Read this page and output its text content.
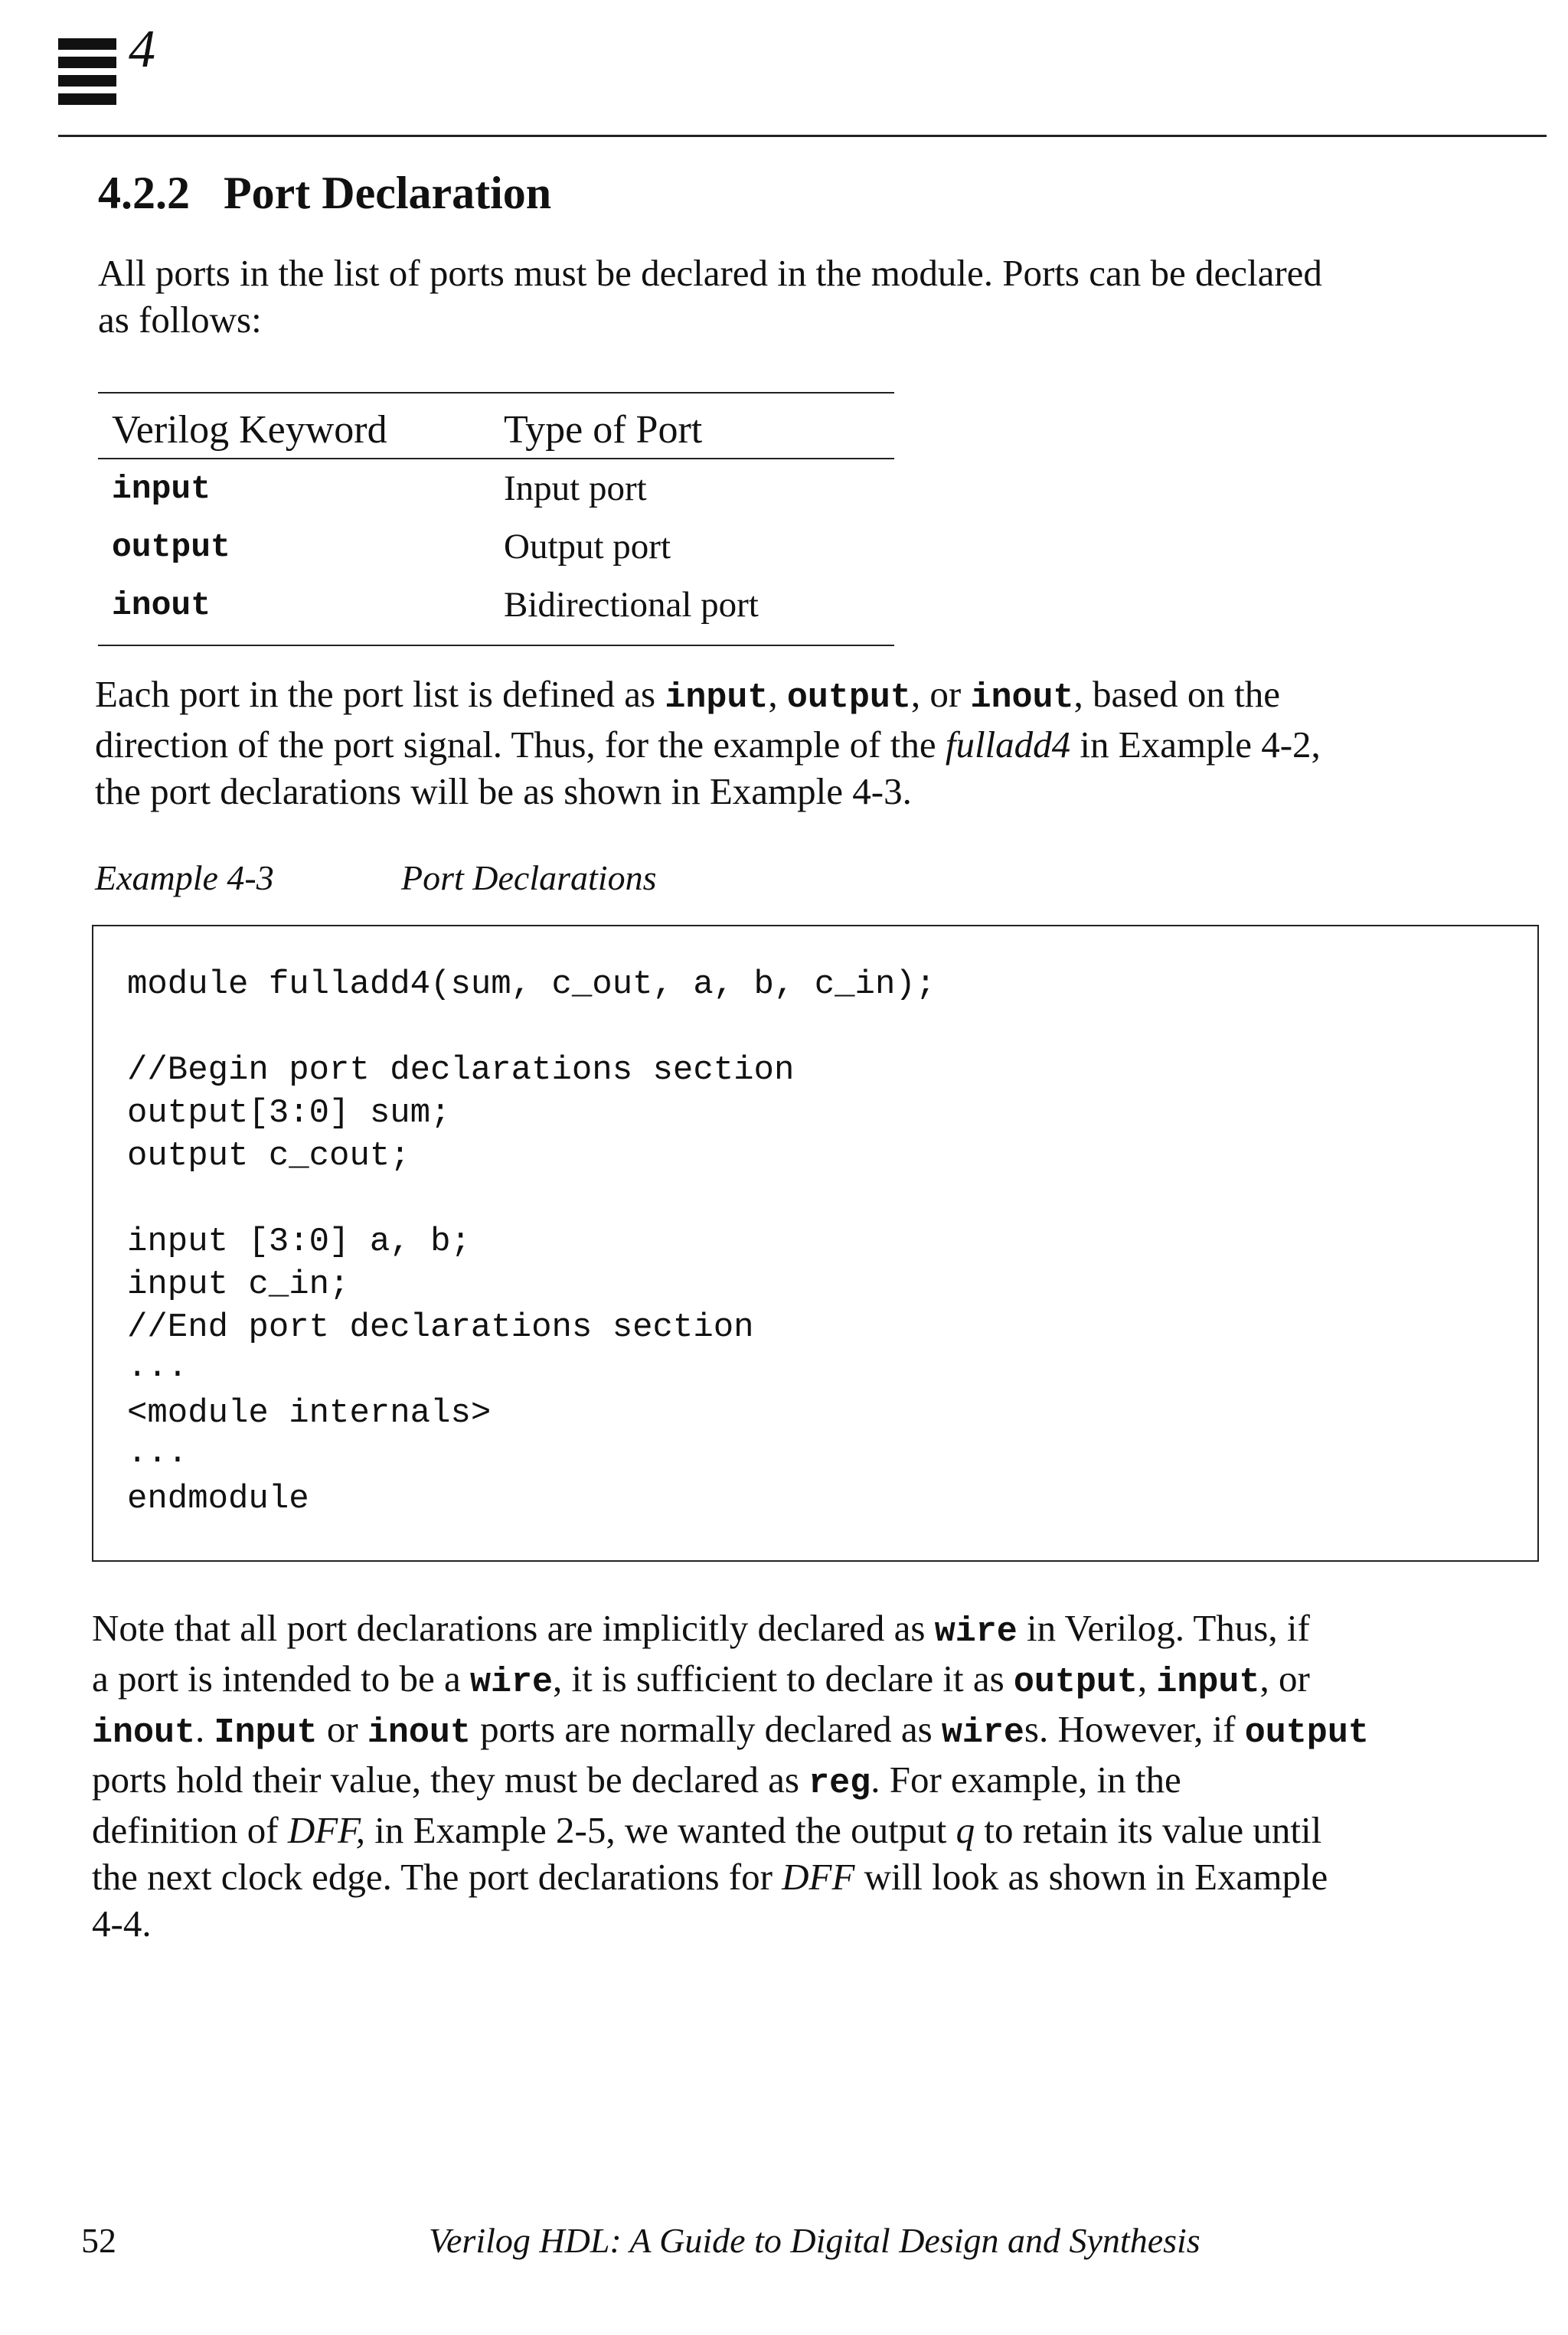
4
4.2.2 Port Declaration
All ports in the list of ports must be declared in the module. Ports can be declared
as follows:
Verilog Keyword	Type of Port
input	Input port
output	Output port
inout	Bidirectional port
Each port in the port list is defined as input, output, or inout, based on the
direction of the port signal. Thus, for the example of the fulladd4 in Example 4-2,
the port declarations will be as shown in Example 4-3.
Example 4-3	Port Declarations
module fulladd4(sum, c_out, a, b, c_in);
//Begin port declarations section
output[3:0] sum;
output c_cout;
input [3:0] a, b;
input c_in;
//End port declarations section
...
<module internals>
...
endmodule
Note that all port declarations are implicitly declared as wire in Verilog. Thus, if
a port is intended to be a wire, it is sufficient to declare it as output, input, or
inout. Input or inout ports are normally declared as wires. However, if output
ports hold their value, they must be declared as reg. For example, in the
definition of DFF, in Example 2-5, we wanted the output q to retain its value until
the next clock edge. The port declarations for DFF will look as shown in Example
4-4.
52	Verilog HDL: A Guide to Digital Design and Synthesis
